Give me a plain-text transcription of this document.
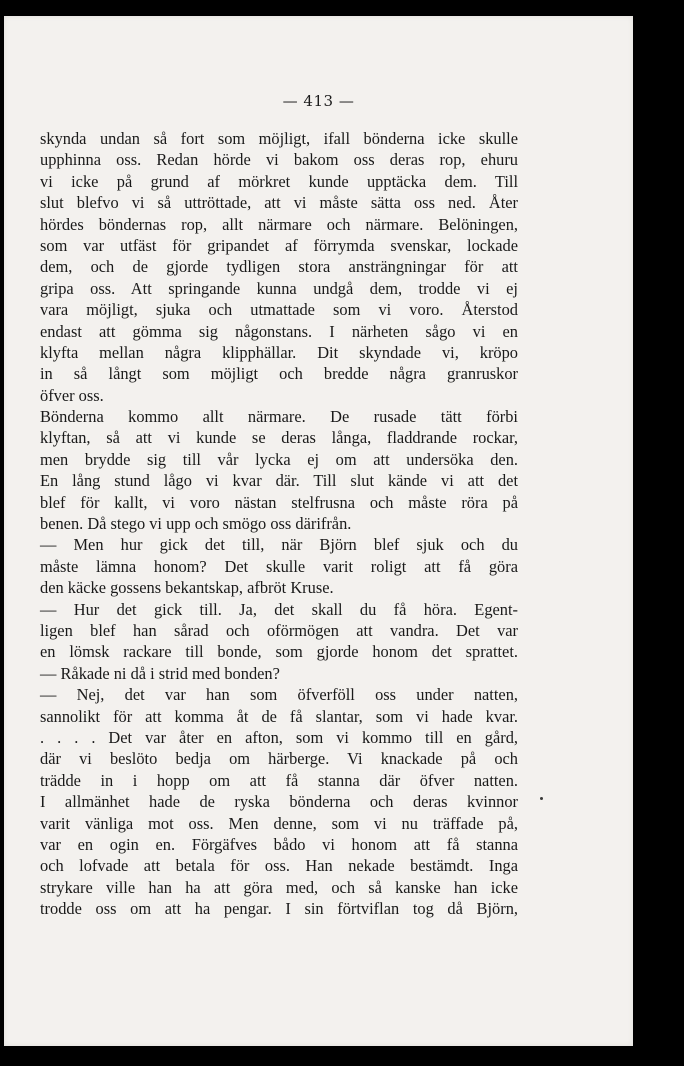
— 413 —
skynda undan så fort som möjligt, ifall bönderna icke skulle
upphinna oss. Redan hörde vi bakom oss deras rop, ehuru
vi icke på grund af mörkret kunde upptäcka dem. Till
slut blefvo vi så uttröttade, att vi måste sätta oss ned. Åter
hördes böndernas rop, allt närmare och närmare. Belöningen,
som var utfäst för gripandet af förrymda svenskar, lockade
dem, och de gjorde tydligen stora ansträngningar för att
gripa oss. Att springande kunna undgå dem, trodde vi ej
vara möjligt, sjuka och utmattade som vi voro. Återstod
endast att gömma sig någonstans. I närheten sågo vi en
klyfta mellan några klipphällar. Dit skyndade vi, kröpo
in så långt som möjligt och bredde några granruskor
öfver oss.
Bönderna kommo allt närmare. De rusade tätt förbi
klyftan, så att vi kunde se deras långa, fladdrande rockar,
men brydde sig till vår lycka ej om att undersöka den.
En lång stund lågo vi kvar där. Till slut kände vi att det
blef för kallt, vi voro nästan stelfrusna och måste röra på
benen. Då stego vi upp och smögo oss därifrån.
— Men hur gick det till, när Björn blef sjuk och du
måste lämna honom? Det skulle varit roligt att få göra
den käcke gossens bekantskap, afbröt Kruse.
— Hur det gick till. Ja, det skall du få höra. Egent-
ligen blef han sårad och oförmögen att vandra. Det var
en lömsk rackare till bonde, som gjorde honom det sprattet.
— Råkade ni då i strid med bonden?
— Nej, det var han som öfverföll oss under natten,
sannolikt för att komma åt de få slantar, som vi hade kvar.
. . . . Det var åter en afton, som vi kommo till en gård,
där vi beslöto bedja om härberge. Vi knackade på och
trädde in i hopp om att få stanna där öfver natten.
I allmänhet hade de ryska bönderna och deras kvinnor
varit vänliga mot oss. Men denne, som vi nu träffade på,
var en ogin en. Förgäfves bådo vi honom att få stanna
och lofvade att betala för oss. Han nekade bestämdt. Inga
strykare ville han ha att göra med, och så kanske han icke
trodde oss om att ha pengar. I sin förtviflan tog då Björn,
